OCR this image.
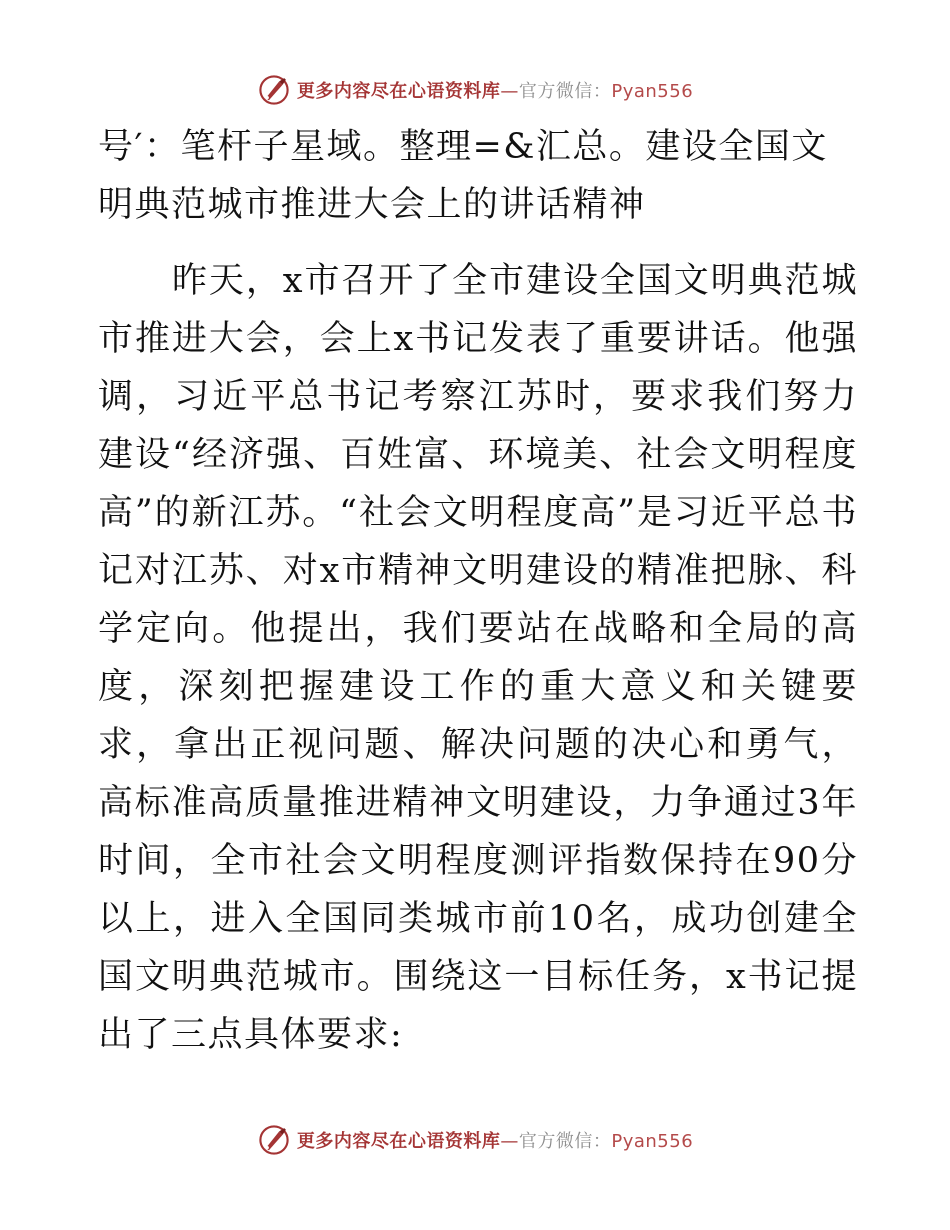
更多内容尽在心语资料库—官方微信：Pyan556

号′：笔杆子星域。整理=&汇总。建设全国文明典范城市推进大会上的讲话精神

昨天，x市召开了全市建设全国文明典范城市推进大会，会上x书记发表了重要讲话。他强调，习近平总书记考察江苏时，要求我们努力建设“经济强、百姓富、环境美、社会文明程度高”的新江苏。“社会文明程度高”是习近平总书记对江苏、对x市精神文明建设的精准把脉、科学定向。他提出，我们要站在战略和全局的高度，深刻把握建设工作的重大意义和关键要求，拿出正视问题、解决问题的决心和勇气，高标准高质量推进精神文明建设，力争通过3年时间，全市社会文明程度测评指数保持在90分以上，进入全国同类城市前10名，成功创建全国文明典范城市。围绕这一目标任务，x书记提出了三点具体要求:

更多内容尽在心语资料库—官方微信：Pyan556
